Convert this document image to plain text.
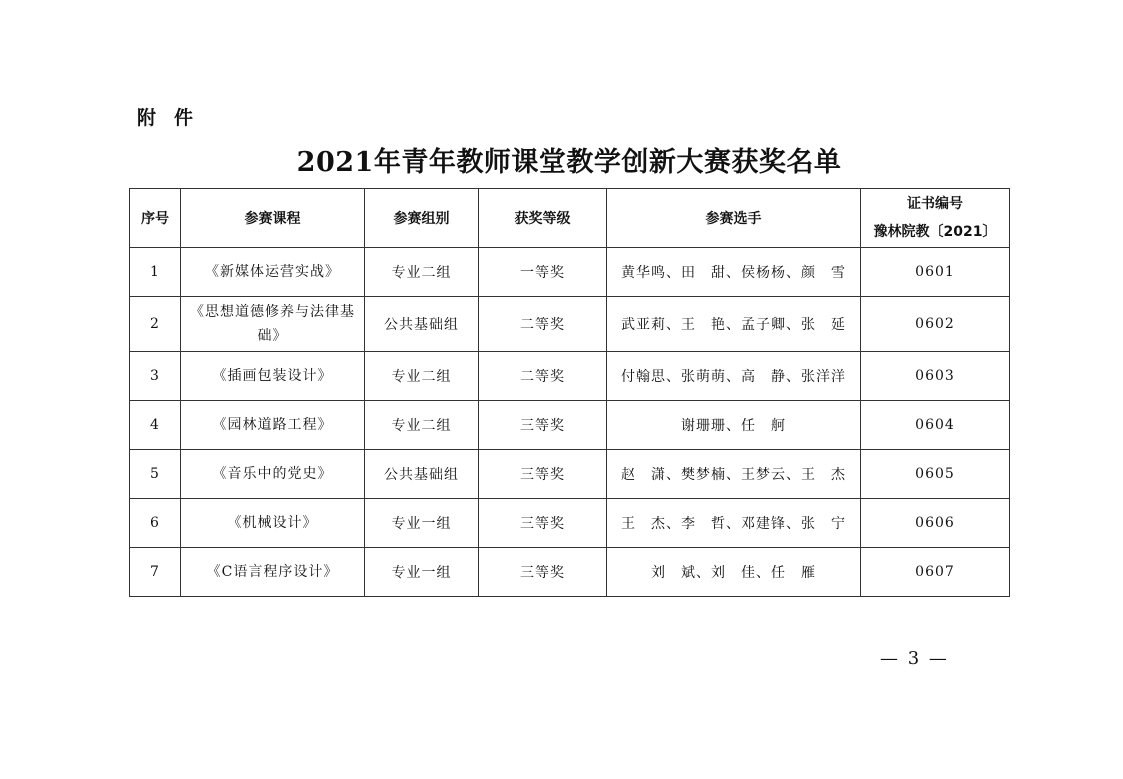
附件
2021年青年教师课堂教学创新大赛获奖名单
序号	参赛课程	参赛组别	获奖等级	参赛选手	证书编号
豫林院教〔2021〕

1	《新媒体运营实战》	专业二组	一等奖	黄华鸣、田　甜、侯杨杨、颜　雪	0601
2	《思想道德修养与法律基础》	公共基础组	二等奖	武亚莉、王　艳、孟子卿、张　延	0602
3	《插画包装设计》	专业二组	二等奖	付翰思、张萌萌、高　静、张洋洋	0603
4	《园林道路工程》	专业二组	三等奖	谢珊珊、任　舸	0604
5	《音乐中的党史》	公共基础组	三等奖	赵　潇、樊梦楠、王梦云、王　杰	0605
6	《机械设计》	专业一组	三等奖	王　杰、李　哲、邓建锋、张　宁	0606
7	《C语言程序设计》	专业一组	三等奖	刘　斌、刘　佳、任　雁	0607
— 3 —
